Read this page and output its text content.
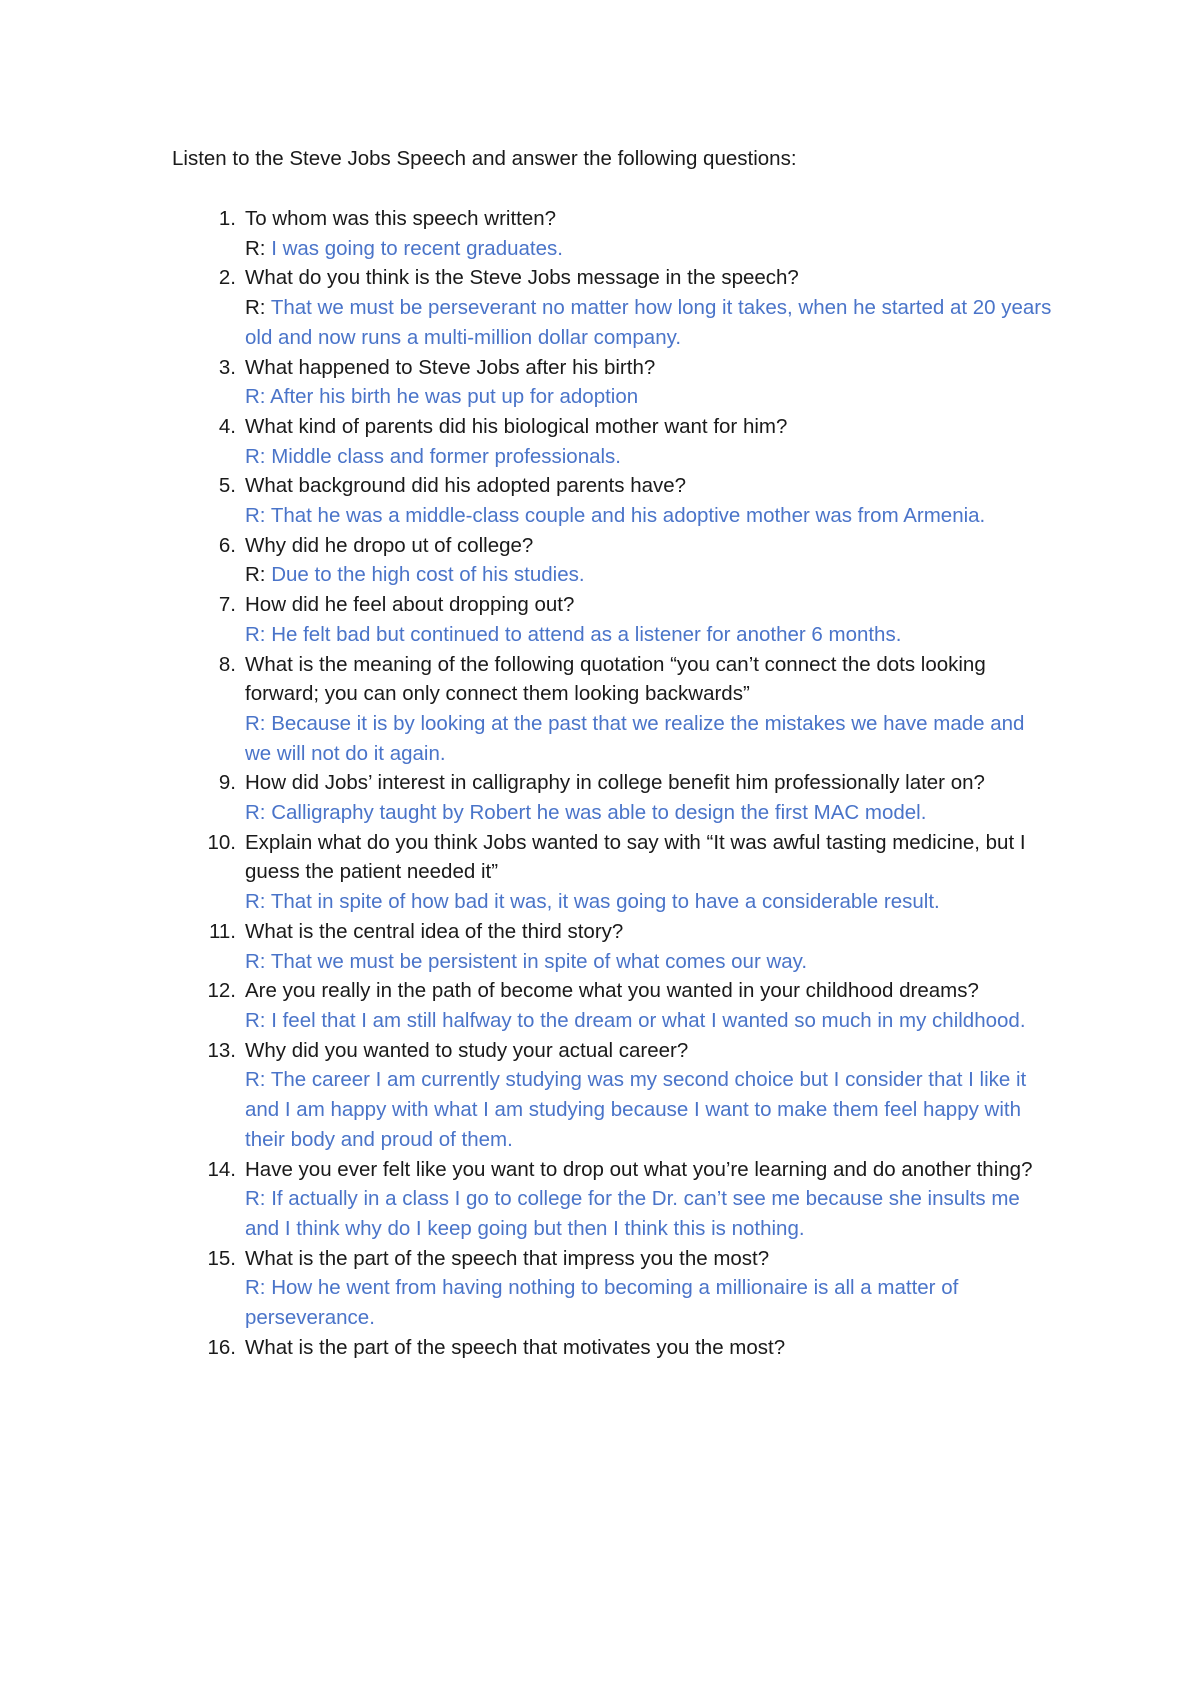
Listen to the Steve Jobs Speech and answer the following questions:

1. To whom was this speech written?
R: I was going to recent graduates.
2. What do you think is the Steve Jobs message in the speech?
R: That we must be perseverant no matter how long it takes, when he started at 20 years old and now runs a multi-million dollar company.
3. What happened to Steve Jobs after his birth?
R: After his birth he was put up for adoption
4. What kind of parents did his biological mother want for him?
R: Middle class and former professionals.
5. What background did his adopted parents have?
R: That he was a middle-class couple and his adoptive mother was from Armenia.
6. Why did he dropo ut of college?
R: Due to the high cost of his studies.
7. How did he feel about dropping out?
R: He felt bad but continued to attend as a listener for another 6 months.
8. What is the meaning of the following quotation “you can’t connect the dots looking forward; you can only connect them looking backwards”
R: Because it is by looking at the past that we realize the mistakes we have made and we will not do it again.
9. How did Jobs’ interest in calligraphy in college benefit him professionally later on?
R: Calligraphy taught by Robert he was able to design the first MAC model.
10. Explain what do you think Jobs wanted to say with “It was awful tasting medicine, but I guess the patient needed it”
R: That in spite of how bad it was, it was going to have a considerable result.
11. What is the central idea of the third story?
R: That we must be persistent in spite of what comes our way.
12. Are you really in the path of become what you wanted in your childhood dreams?
R: I feel that I am still halfway to the dream or what I wanted so much in my childhood.
13. Why did you wanted to study your actual career?
R: The career I am currently studying was my second choice but I consider that I like it and I am happy with what I am studying because I want to make them feel happy with their body and proud of them.
14. Have you ever felt like you want to drop out what you’re learning and do another thing?
R: If actually in a class I go to college for the Dr. can’t see me because she insults me and I think why do I keep going but then I think this is nothing.
15. What is the part of the speech that impress you the most?
R: How he went from having nothing to becoming a millionaire is all a matter of perseverance.
16. What is the part of the speech that motivates you the most?
